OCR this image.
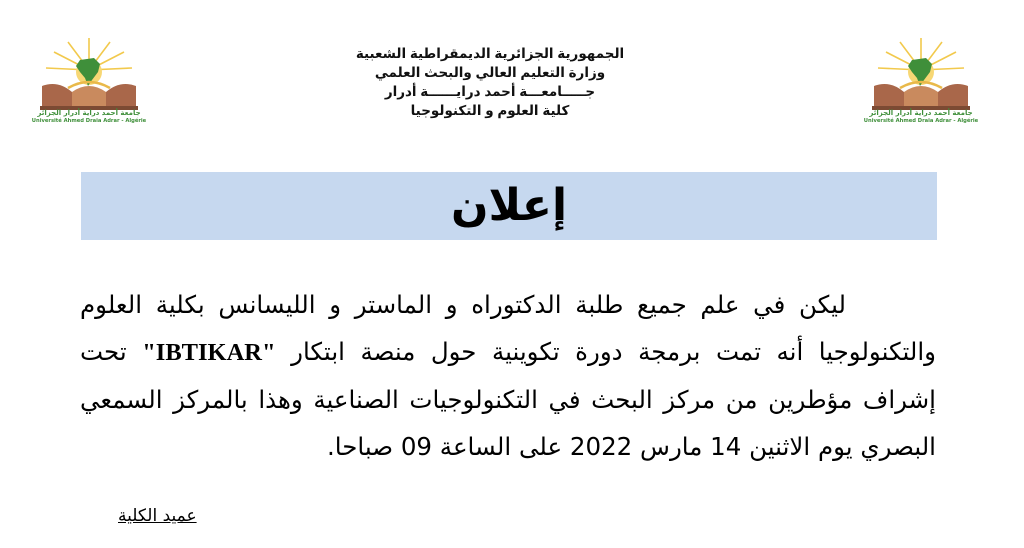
جامعة أحمد دراية أدرار الجزائر
Université Ahmed Draia Adrar - Algérie
جامعة أحمد دراية أدرار الجزائر
Université Ahmed Draia Adrar - Algérie
الجمهورية الجزائرية الديمقراطية الشعبية
وزارة التعليم العالي والبحث العلمي
جـــــامعـــة أحمد درايــــــة أدرار
كلية العلوم و التكنولوجيا
إعلان
ليكن في علم جميع طلبة الدكتوراه و الماستر و الليسانس بكلية العلوم والتكنولوجيا أنه تمت برمجة دورة تكوينية حول منصة ابتكار "IBTIKAR" تحت إشراف مؤطرين من مركز البحث في التكنولوجيات الصناعية وهذا بالمركز السمعي البصري يوم الاثنين 14 مارس 2022 على الساعة 09 صباحا.
عميد الكلية
